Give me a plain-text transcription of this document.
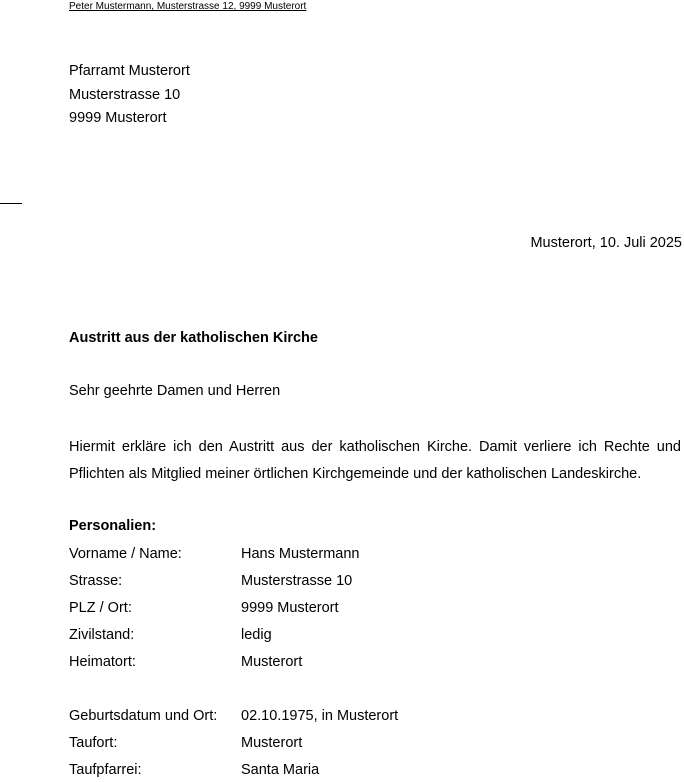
Peter Mustermann, Musterstrasse 12, 9999 Musterort
Pfarramt Musterort
Musterstrasse 10
9999 Musterort
Musterort, 10. Juli 2025
Austritt aus der katholischen Kirche
Sehr geehrte Damen und Herren
Hiermit erkläre ich den Austritt aus der katholischen Kirche. Damit verliere ich Rechte und Pflichten als Mitglied meiner örtlichen Kirchgemeinde und der katholischen Landeskirche.
Personalien:
Vorname / Name:	Hans Mustermann
Strasse:	Musterstrasse 10
PLZ / Ort:	9999 Musterort
Zivilstand:	ledig
Heimatort:	Musterort
Geburtsdatum und Ort: 02.10.1975, in Musterort
Taufort:	Musterort
Taufpfarrei:	Santa Maria
